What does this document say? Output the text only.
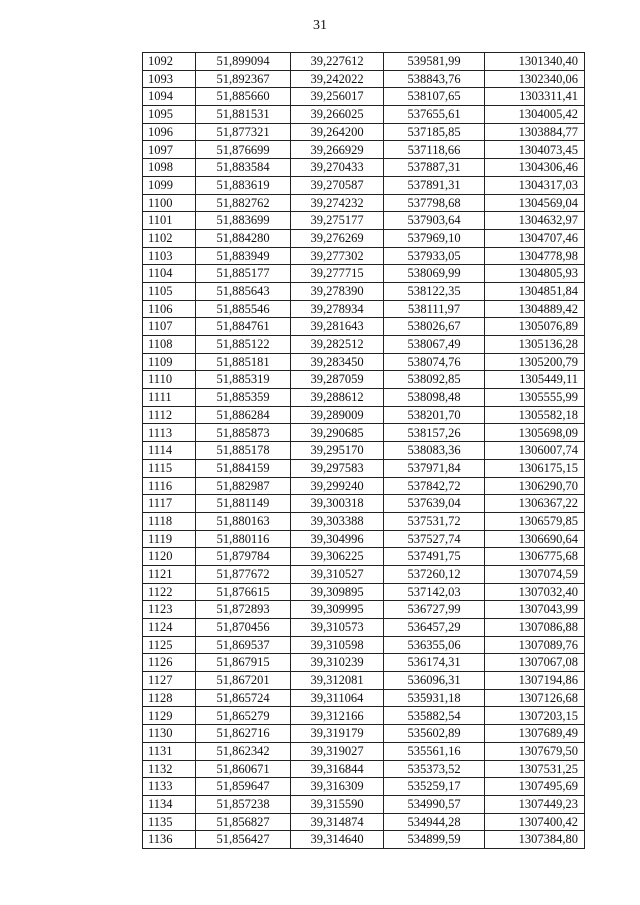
31
1092	51,899094	39,227612	539581,99	1301340,40
1093	51,892367	39,242022	538843,76	1302340,06
1094	51,885660	39,256017	538107,65	1303311,41
1095	51,881531	39,266025	537655,61	1304005,42
1096	51,877321	39,264200	537185,85	1303884,77
1097	51,876699	39,266929	537118,66	1304073,45
1098	51,883584	39,270433	537887,31	1304306,46
1099	51,883619	39,270587	537891,31	1304317,03
1100	51,882762	39,274232	537798,68	1304569,04
1101	51,883699	39,275177	537903,64	1304632,97
1102	51,884280	39,276269	537969,10	1304707,46
1103	51,883949	39,277302	537933,05	1304778,98
1104	51,885177	39,277715	538069,99	1304805,93
1105	51,885643	39,278390	538122,35	1304851,84
1106	51,885546	39,278934	538111,97	1304889,42
1107	51,884761	39,281643	538026,67	1305076,89
1108	51,885122	39,282512	538067,49	1305136,28
1109	51,885181	39,283450	538074,76	1305200,79
1110	51,885319	39,287059	538092,85	1305449,11
1111	51,885359	39,288612	538098,48	1305555,99
1112	51,886284	39,289009	538201,70	1305582,18
1113	51,885873	39,290685	538157,26	1305698,09
1114	51,885178	39,295170	538083,36	1306007,74
1115	51,884159	39,297583	537971,84	1306175,15
1116	51,882987	39,299240	537842,72	1306290,70
1117	51,881149	39,300318	537639,04	1306367,22
1118	51,880163	39,303388	537531,72	1306579,85
1119	51,880116	39,304996	537527,74	1306690,64
1120	51,879784	39,306225	537491,75	1306775,68
1121	51,877672	39,310527	537260,12	1307074,59
1122	51,876615	39,309895	537142,03	1307032,40
1123	51,872893	39,309995	536727,99	1307043,99
1124	51,870456	39,310573	536457,29	1307086,88
1125	51,869537	39,310598	536355,06	1307089,76
1126	51,867915	39,310239	536174,31	1307067,08
1127	51,867201	39,312081	536096,31	1307194,86
1128	51,865724	39,311064	535931,18	1307126,68
1129	51,865279	39,312166	535882,54	1307203,15
1130	51,862716	39,319179	535602,89	1307689,49
1131	51,862342	39,319027	535561,16	1307679,50
1132	51,860671	39,316844	535373,52	1307531,25
1133	51,859647	39,316309	535259,17	1307495,69
1134	51,857238	39,315590	534990,57	1307449,23
1135	51,856827	39,314874	534944,28	1307400,42
1136	51,856427	39,314640	534899,59	1307384,80
